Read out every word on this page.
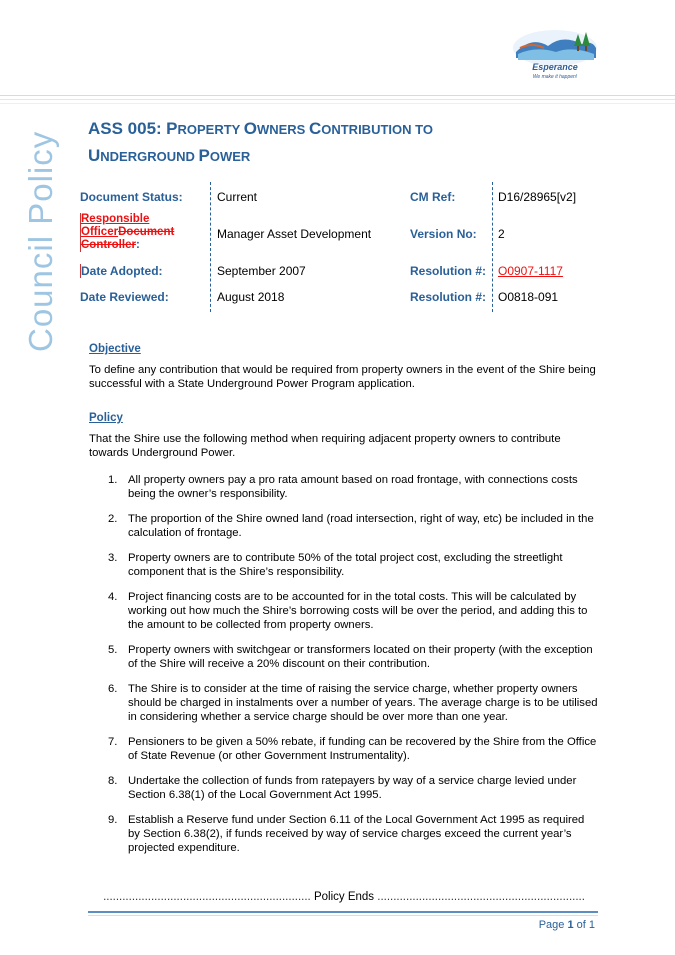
Esperance
We make it happen!
Council Policy
ASS 005: PROPERTY OWNERS CONTRIBUTION TO
UNDERGROUND POWER
Document Status:	Current	CM Ref:	D16/28965[v2]
Responsible
OfficerDocument
Controller:
Manager Asset Development	Version No: 2
Date Adopted:	September 2007	Resolution #: O0907-1117
Date Reviewed:	August 2018	Resolution #: O0818-091
Objective
To define any contribution that would be required from property owners in the event of the Shire being successful with a State Underground Power Program application.
Policy
That the Shire use the following method when requiring adjacent property owners to contribute towards Underground Power.
1. All property owners pay a pro rata amount based on road frontage, with connections costs being the owner’s responsibility.
2. The proportion of the Shire owned land (road intersection, right of way, etc) be included in the calculation of frontage.
3. Property owners are to contribute 50% of the total project cost, excluding the streetlight component that is the Shire’s responsibility.
4. Project financing costs are to be accounted for in the total costs. This will be calculated by working out how much the Shire’s borrowing costs will be over the period, and adding this to the amount to be collected from property owners.
5. Property owners with switchgear or transformers located on their property (with the exception of the Shire will receive a 20% discount on their contribution.
6. The Shire is to consider at the time of raising the service charge, whether property owners should be charged in instalments over a number of years. The average charge is to be utilised in considering whether a service charge should be over more than one year.
7. Pensioners to be given a 50% rebate, if funding can be recovered by the Shire from the Office of State Revenue (or other Government Instrumentality).
8. Undertake the collection of funds from ratepayers by way of a service charge levied under Section 6.38(1) of the Local Government Act 1995.
9. Establish a Reserve fund under Section 6.11 of the Local Government Act 1995 as required by Section 6.38(2), if funds received by way of service charges exceed the current year’s projected expenditure.
................................................................. Policy Ends .................................................................
Page 1 of 1
